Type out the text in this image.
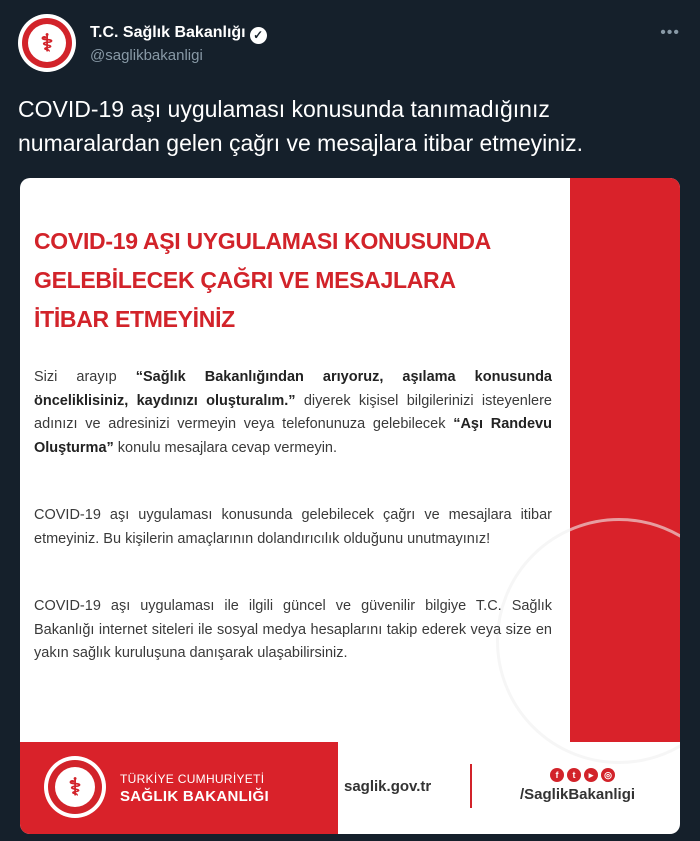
⚕	T.C. Sağlık Bakanlığı ✓
@saglikbakanligi
•••
COVID-19 aşı uygulaması konusunda tanımadığınız numaralardan gelen çağrı ve mesajlara itibar etmeyiniz.
COVID-19 AŞI UYGULAMASI KONUSUNDA
GELEBİLECEK ÇAĞRI VE MESAJLARA
İTİBAR ETMEYİNİZ
Sizi arayıp “Sağlık Bakanlığından arıyoruz, aşılama konusunda önceliklisiniz, kaydınızı oluşturalım.” diyerek kişisel bilgilerinizi isteyenlere adınızı ve adresinizi vermeyin veya telefonunuza gelebilecek “Aşı Randevu Oluşturma” konulu mesajlara cevap vermeyin.
COVID-19 aşı uygulaması konusunda gelebilecek çağrı ve mesajlara itibar etmeyiniz. Bu kişilerin amaçlarının dolandırıcılık olduğunu unutmayınız!
COVID-19 aşı uygulaması ile ilgili güncel ve güvenilir bilgiye T.C. Sağlık Bakanlığı internet siteleri ile sosyal medya hesaplarını takip ederek veya size en yakın sağlık kuruluşuna danışarak ulaşabilirsiniz.
⚕	TÜRKİYE CUMHURİYETİ
SAĞLIK BAKANLIĞI
saglik.gov.tr
f	t	▸	◎
/SaglikBakanligi
